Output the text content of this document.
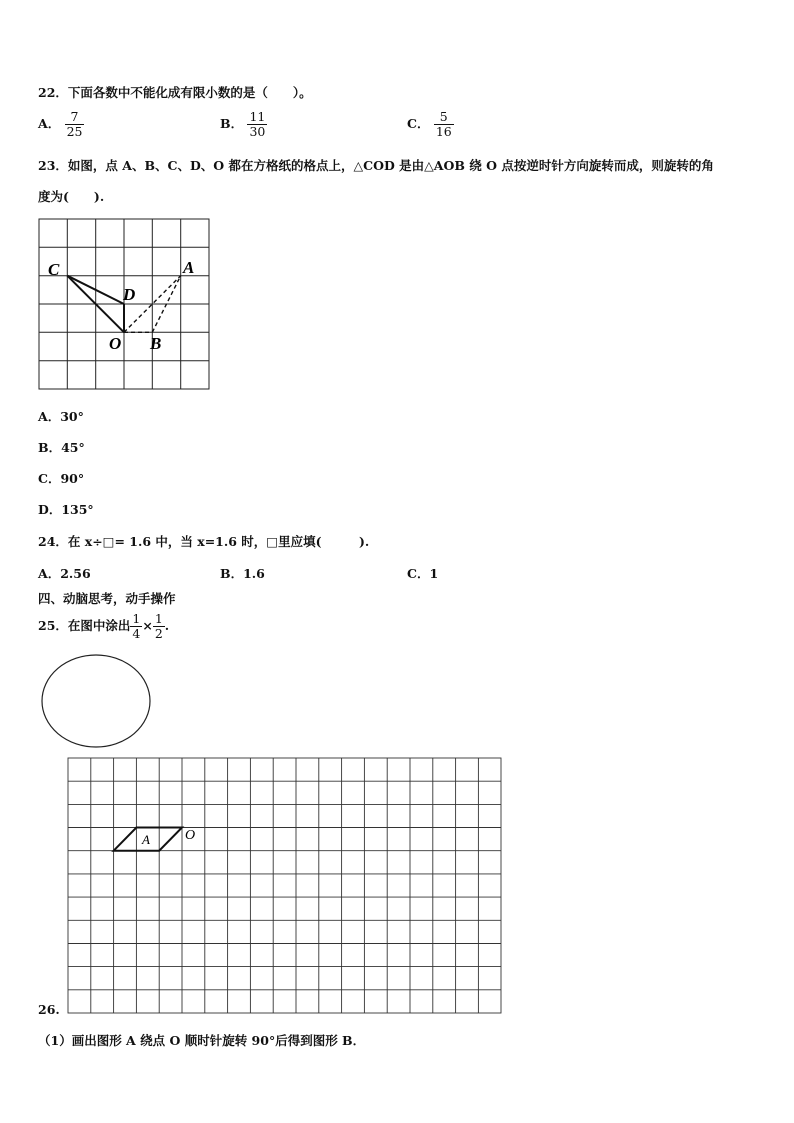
22．下面各数中不能化成有限小数的是（　　）。
A． $\frac{7}{25}$	B． $\frac{11}{30}$	C． $\frac{5}{16}$
23．如图，点 A、B、C、D、O 都在方格纸的格点上，△COD 是由△AOB 绕 O 点按逆时针方向旋转而成，则旋转的角
度为(　　).
C
D
A
O B
A	O
A．30°
B．45°
C．90°
D．135°
24．在 x÷□= 1.6 中，当 x=1.6 时，□里应填(　　　).
A．2.56	B．1.6	C．1
四、动脑思考，动手操作
25．在图中涂出 $\frac{1}{4} \times \frac{1}{2}$ .
26.
（1）画出图形 A 绕点 O 顺时针旋转 90°后得到图形 B．
